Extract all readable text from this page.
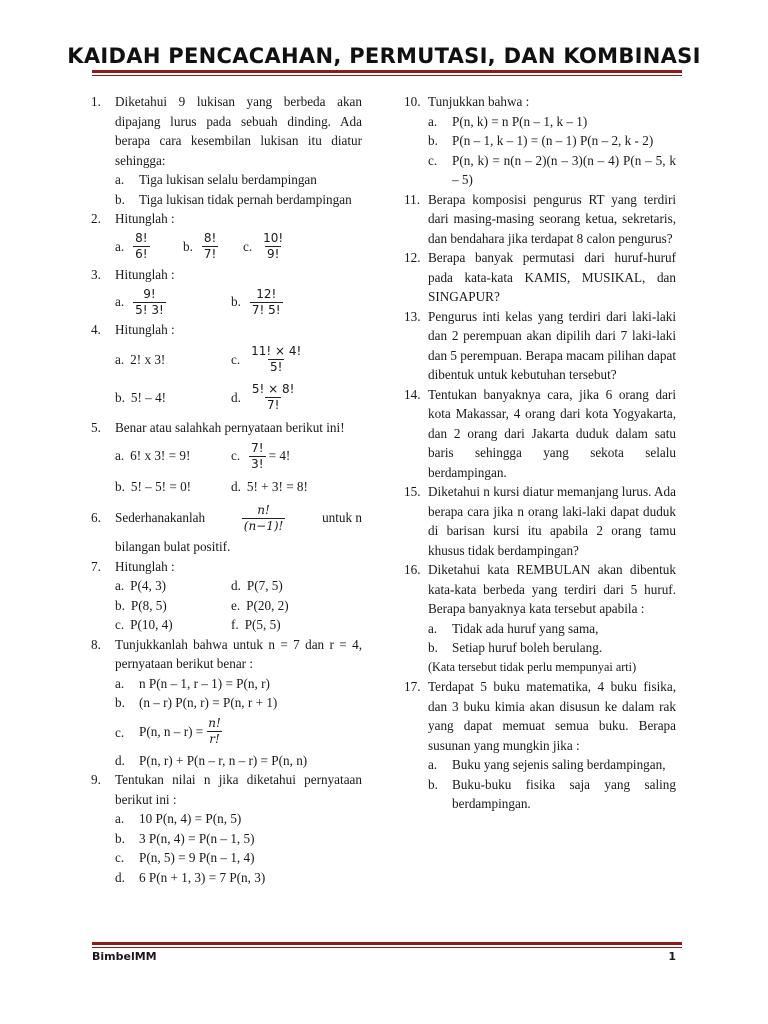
KAIDAH PENCACAHAN, PERMUTASI, DAN KOMBINASI
1. Diketahui 9 lukisan yang berbeda akan dipajang lurus pada sebuah dinding. Ada berapa cara kesembilan lukisan itu diatur sehingga:
a. Tiga lukisan selalu berdampingan
b. Tiga lukisan tidak pernah berdampingan
2. Hitunglah :
a. $\frac{8!}{6!}$	b. $\frac{8!}{7!} c$. $\frac{10!}{9!}$
3. Hitunglah :
a. $\frac{9!}{5! 3!}$	b. $\frac{12!}{7! 5!}$
4. Hitunglah :
a. 2! x 3!	c. $\frac{11! \times 4!}{5!}$
b. 5! – 4!	d. $\frac{5! \times 8!}{7!}$
5. Benar atau salahkah pernyataan berikut ini!
a. 6! x 3! = 9!	c. $\frac{7!}{3!} = 4$!
b. 5! – 5! = 0!	d. 5! + 3! = 8!
6. Sederhanakanlah	$\frac{n!}{(n-1)!}$	untuk n
bilangan bulat positif.
7. Hitunglah :
a. P(4, 3)	d. P(7, 5)
b. P(8, 5)	e. P(20, 2)
c. P(10, 4)	f. P(5, 5)
8. Tunjukkanlah bahwa untuk n = 7 dan r = 4, pernyataan berikut benar :
a. n P(n – 1, r – 1) = P(n, r)
b. (n – r) P(n, r) = P(n, r + 1)
c. P(n, $n - r) = \frac{n!}{r!}$
d. P(n, r) + P(n – r, n – r) = P(n, n)
9. Tentukan nilai n jika diketahui pernyataan berikut ini :
a. 10 P(n, 4) = P(n, 5)
b. 3 P(n, 4) = P(n – 1, 5)
c. P(n, 5) = 9 P(n – 1, 4)
d. 6 P(n + 1, 3) = 7 P(n, 3)
10. Tunjukkan bahwa :
a. P(n, k) = n P(n – 1, k – 1)
b. P(n – 1, k – 1) = (n – 1) P(n – 2, k - 2)
c. P(n, k) = n(n – 2)(n – 3)(n – 4) P(n – 5, k – 5)
11. Berapa komposisi pengurus RT yang terdiri dari masing-masing seorang ketua, sekretaris, dan bendahara jika terdapat 8 calon pengurus?
12. Berapa banyak permutasi dari huruf-huruf pada kata-kata KAMIS, MUSIKAL, dan SINGAPUR?
13. Pengurus inti kelas yang terdiri dari laki-laki dan 2 perempuan akan dipilih dari 7 laki-laki dan 5 perempuan. Berapa macam pilihan dapat dibentuk untuk kebutuhan tersebut?
14. Tentukan banyaknya cara, jika 6 orang dari kota Makassar, 4 orang dari kota Yogyakarta, dan 2 orang dari Jakarta duduk dalam satu baris sehingga yang sekota selalu berdampingan.
15. Diketahui n kursi diatur memanjang lurus. Ada berapa cara jika n orang laki-laki dapat duduk di barisan kursi itu apabila 2 orang tamu khusus tidak berdampingan?
16. Diketahui kata REMBULAN akan dibentuk kata-kata berbeda yang terdiri dari 5 huruf. Berapa banyaknya kata tersebut apabila :
a. Tidak ada huruf yang sama,
b. Setiap huruf boleh berulang.
(Kata tersebut tidak perlu mempunyai arti)
17. Terdapat 5 buku matematika, 4 buku fisika, dan 3 buku kimia akan disusun ke dalam rak yang dapat memuat semua buku. Berapa susunan yang mungkin jika :
a. Buku yang sejenis saling berdampingan,
b. Buku-buku fisika saja yang saling berdampingan.
BimbelMM	1
